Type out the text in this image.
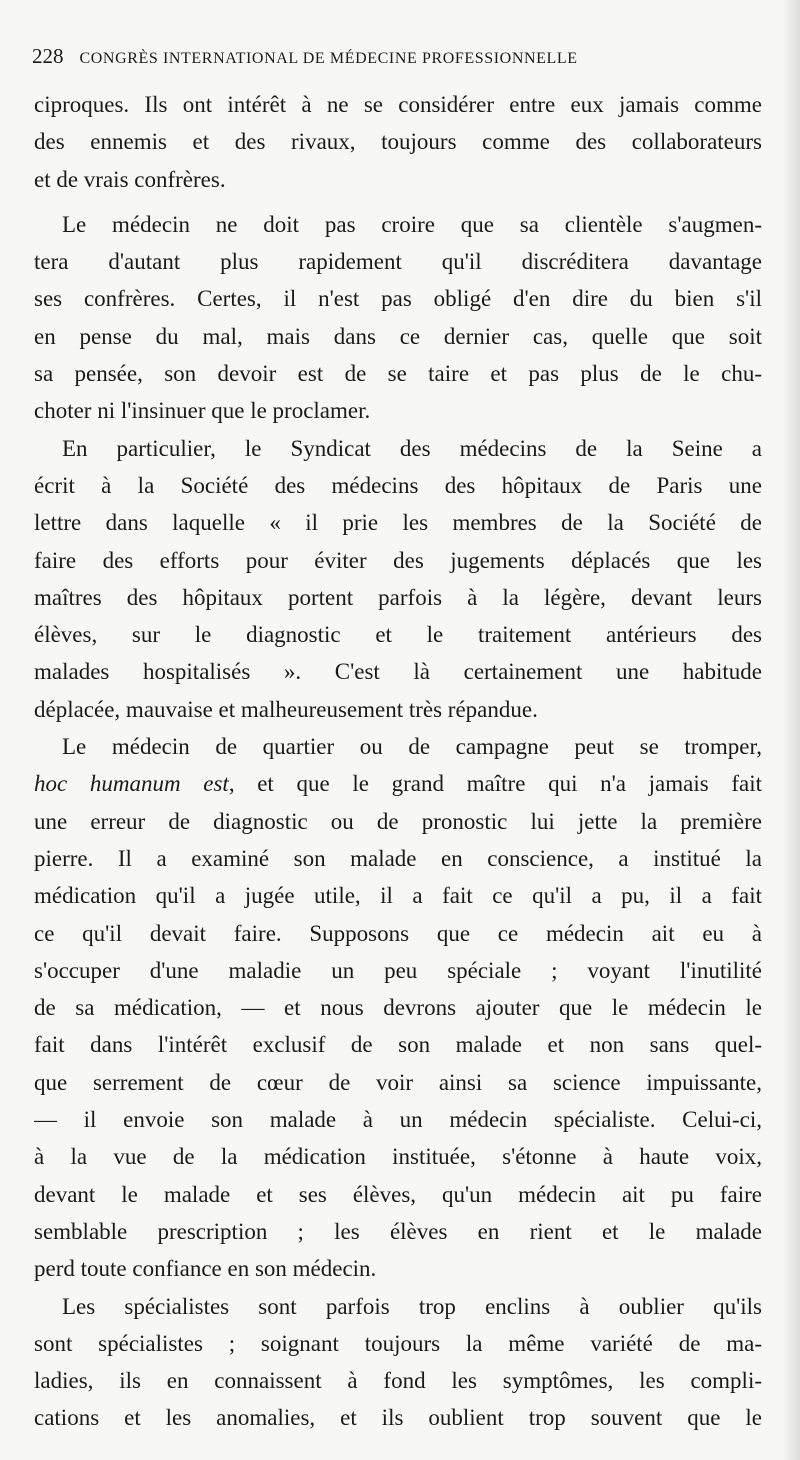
228 CONGRÈS INTERNATIONAL DE MÉDECINE PROFESSIONNELLE
ciproques. Ils ont intérêt à ne se considérer entre eux jamais comme
des ennemis et des rivaux, toujours comme des collaborateurs
et de vrais confrères.
Le médecin ne doit pas croire que sa clientèle s'augmen-
tera d'autant plus rapidement qu'il discréditera davantage
ses confrères. Certes, il n'est pas obligé d'en dire du bien s'il
en pense du mal, mais dans ce dernier cas, quelle que soit
sa pensée, son devoir est de se taire et pas plus de le chu-
choter ni l'insinuer que le proclamer.
En particulier, le Syndicat des médecins de la Seine a
écrit à la Société des médecins des hôpitaux de Paris une
lettre dans laquelle « il prie les membres de la Société de
faire des efforts pour éviter des jugements déplacés que les
maîtres des hôpitaux portent parfois à la légère, devant leurs
élèves, sur le diagnostic et le traitement antérieurs des
malades hospitalisés ». C'est là certainement une habitude
déplacée, mauvaise et malheureusement très répandue.
Le médecin de quartier ou de campagne peut se tromper,
hoc humanum est, et que le grand maître qui n'a jamais fait
une erreur de diagnostic ou de pronostic lui jette la première
pierre. Il a examiné son malade en conscience, a institué la
médication qu'il a jugée utile, il a fait ce qu'il a pu, il a fait
ce qu'il devait faire. Supposons que ce médecin ait eu à
s'occuper d'une maladie un peu spéciale ; voyant l'inutilité
de sa médication, — et nous devrons ajouter que le médecin le
fait dans l'intérêt exclusif de son malade et non sans quel-
que serrement de cœur de voir ainsi sa science impuissante,
— il envoie son malade à un médecin spécialiste. Celui-ci,
à la vue de la médication instituée, s'étonne à haute voix,
devant le malade et ses élèves, qu'un médecin ait pu faire
semblable prescription ; les élèves en rient et le malade
perd toute confiance en son médecin.
Les spécialistes sont parfois trop enclins à oublier qu'ils
sont spécialistes ; soignant toujours la même variété de ma-
ladies, ils en connaissent à fond les symptômes, les compli-
cations et les anomalies, et ils oublient trop souvent que le
